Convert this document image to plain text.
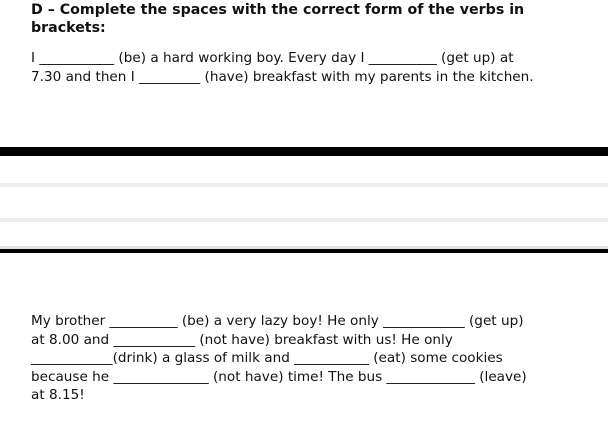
D – Complete the spaces with the correct form of the verbs in brackets:
I ___________ (be) a hard working boy. Every day I __________ (get up) at
7.30 and then I _________ (have) breakfast with my parents in the kitchen.
My brother __________ (be) a very lazy boy! He only ____________ (get up)
at 8.00 and ____________ (not have) breakfast with us! He only
____________(drink) a glass of milk and ___________ (eat) some cookies
because he ______________ (not have) time! The bus _____________ (leave)
at 8.15!
